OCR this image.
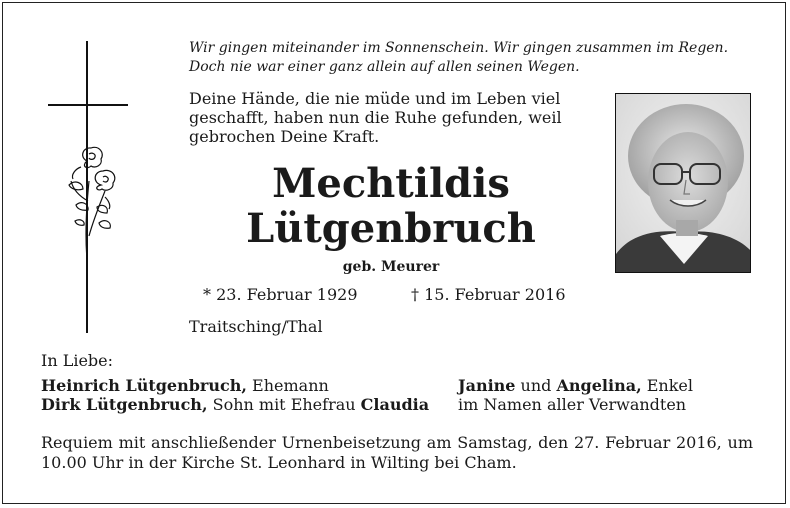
Wir gingen miteinander im Sonnenschein. Wir gingen zusammen im Regen.
Doch nie war einer ganz allein auf allen seinen Wegen.
Deine Hände, die nie müde und im Leben viel
geschafft, haben nun die Ruhe gefunden, weil
gebrochen Deine Kraft.
Mechtildis
Lütgenbruch
geb. Meurer
* 23. Februar 1929	† 15. Februar 2016
Traitsching/Thal
In Liebe:
Heinrich Lütgenbruch, Ehemann
Dirk Lütgenbruch, Sohn mit Ehefrau Claudia
Janine und Angelina, Enkel
im Namen aller Verwandten
Requiem mit anschließender Urnenbeisetzung am Samstag, den 27. Februar 2016, um 10.00 Uhr in der Kirche St. Leonhard in Wilting bei Cham.
